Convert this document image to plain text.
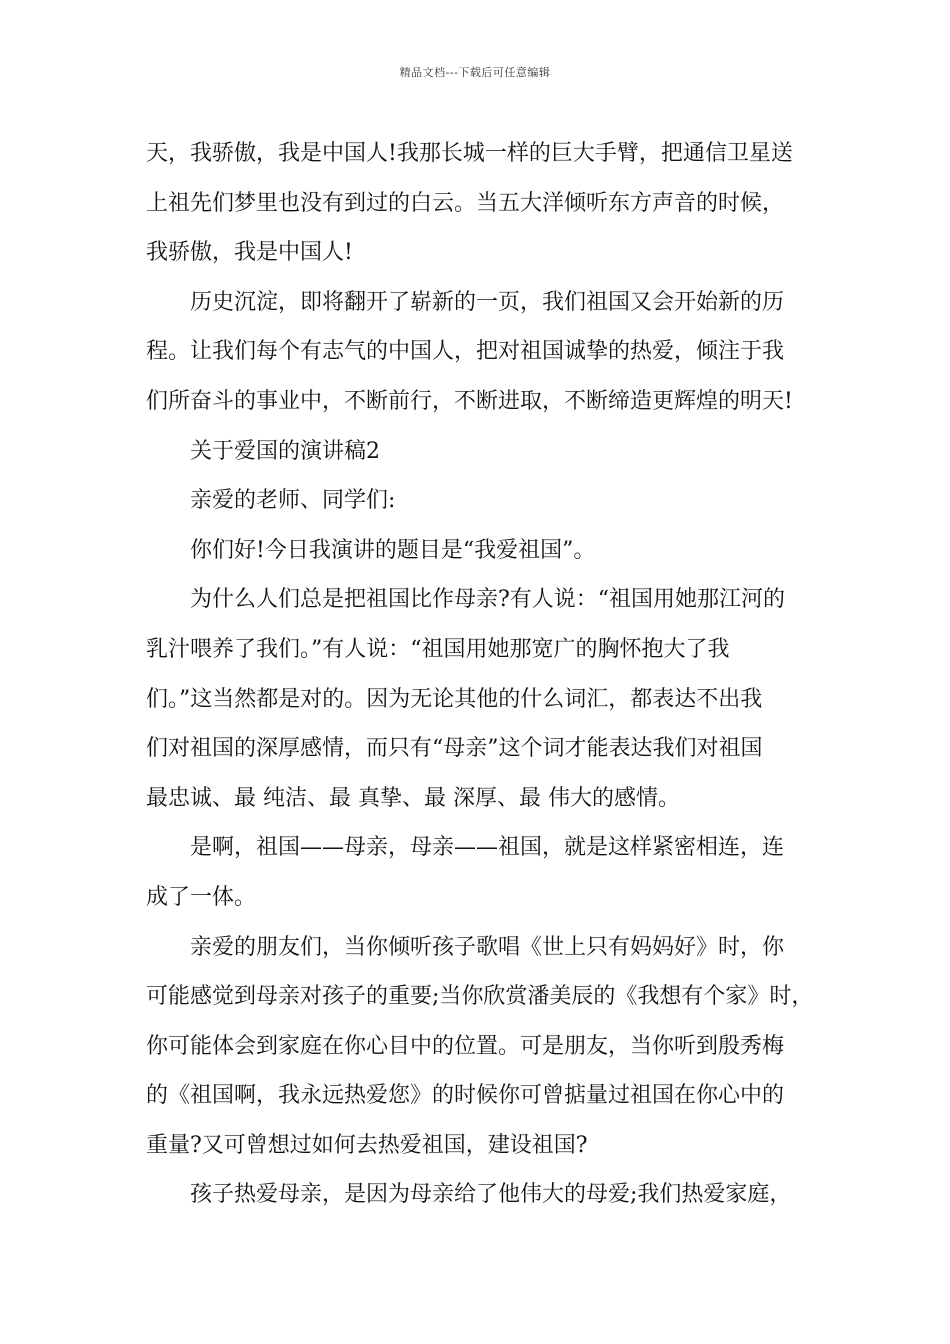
精品文档---下载后可任意编辑
天，我骄傲，我是中国人!我那长城一样的巨大手臂，把通信卫星送
上祖先们梦里也没有到过的白云。当五大洋倾听东方声音的时候，
我骄傲，我是中国人!
历史沉淀，即将翻开了崭新的一页，我们祖国又会开始新的历
程。让我们每个有志气的中国人，把对祖国诚挚的热爱，倾注于我
们所奋斗的事业中，不断前行，不断进取，不断缔造更辉煌的明天!
关于爱国的演讲稿2
亲爱的老师、同学们:
你们好!今日我演讲的题目是“我爱祖国”。
为什么人们总是把祖国比作母亲?有人说：“祖国用她那江河的
乳汁喂养了我们。”有人说：“祖国用她那宽广的胸怀抱大了我
们。”这当然都是对的。因为无论其他的什么词汇，都表达不出我
们对祖国的深厚感情，而只有“母亲”这个词才能表达我们对祖国
最忠诚、最 纯洁、最 真挚、最 深厚、最 伟大的感情。
是啊，祖国——母亲，母亲——祖国，就是这样紧密相连，连
成了一体。
亲爱的朋友们，当你倾听孩子歌唱《世上只有妈妈好》时，你
可能感觉到母亲对孩子的重要;当你欣赏潘美辰的《我想有个家》时，
你可能体会到家庭在你心目中的位置。可是朋友，当你听到殷秀梅
的《祖国啊，我永远热爱您》的时候你可曾掂量过祖国在你心中的
重量?又可曾想过如何去热爱祖国，建设祖国?
孩子热爱母亲，是因为母亲给了他伟大的母爱;我们热爱家庭，
